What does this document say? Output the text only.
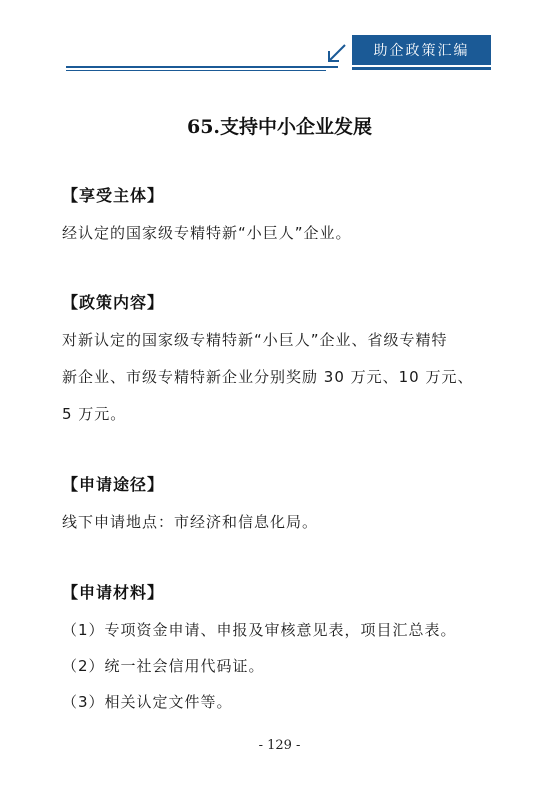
助企政策汇编
65.支持中小企业发展
【享受主体】
经认定的国家级专精特新“小巨人”企业。
【政策内容】
对新认定的国家级专精特新“小巨人”企业、省级专精特
新企业、市级专精特新企业分别奖励 30 万元、10 万元、
5 万元。
【申请途径】
线下申请地点：市经济和信息化局。
【申请材料】
（1）专项资金申请、申报及审核意见表，项目汇总表。
（2）统一社会信用代码证。
（3）相关认定文件等。
- 129 -
